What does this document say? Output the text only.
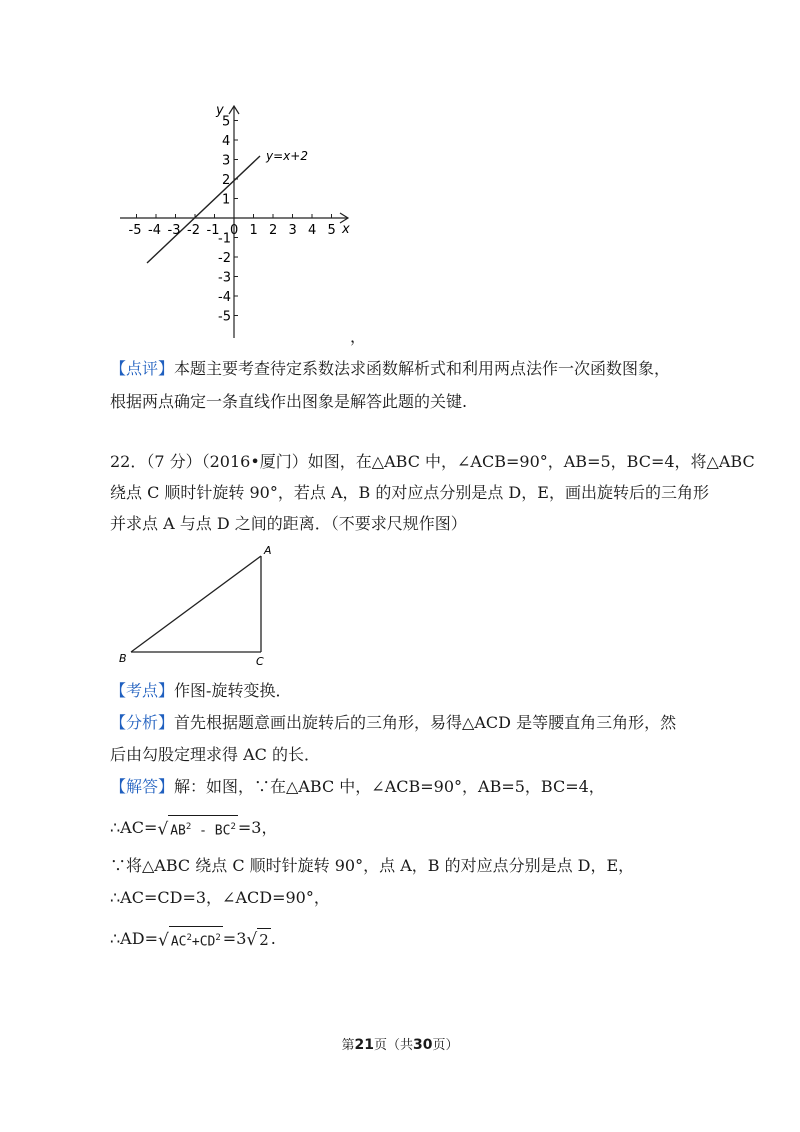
y
x
y=x+2
-5 -4 -3 -2 -1 0 1 2 3 4 5
5
4
3
2
1
-1
-2
-3
-4
-5
，
【点评】本题主要考查待定系数法求函数解析式和利用两点法作一次函数图象，
根据两点确定一条直线作出图象是解答此题的关键.
22．（7 分）（2016•厦门）如图，在△ABC 中，∠ACB=90°，AB=5，BC=4，将△ABC
绕点 C 顺时针旋转 90°，若点 A，B 的对应点分别是点 D，E，画出旋转后的三角形
并求点 A 与点 D 之间的距离．（不要求尺规作图）
A
B	C
【考点】作图-旋转变换．
【分析】首先根据题意画出旋转后的三角形，易得△ACD 是等腰直角三角形，然
后由勾股定理求得 AC 的长．
【解答】解：如图，∵在△ABC 中，∠ACB=90°，AB=5，BC=4，
∴AC=√ $AB^2 - BC^2 =3$，
∵将△ABC 绕点 C 顺时针旋转 90°，点 A，B 的对应点分别是点 D，E，
∴AC=CD=3，∠ACD=90°，
∴AD=√ $AC^2+CD^2 =3√$ 2 .
第21页（共30页）
